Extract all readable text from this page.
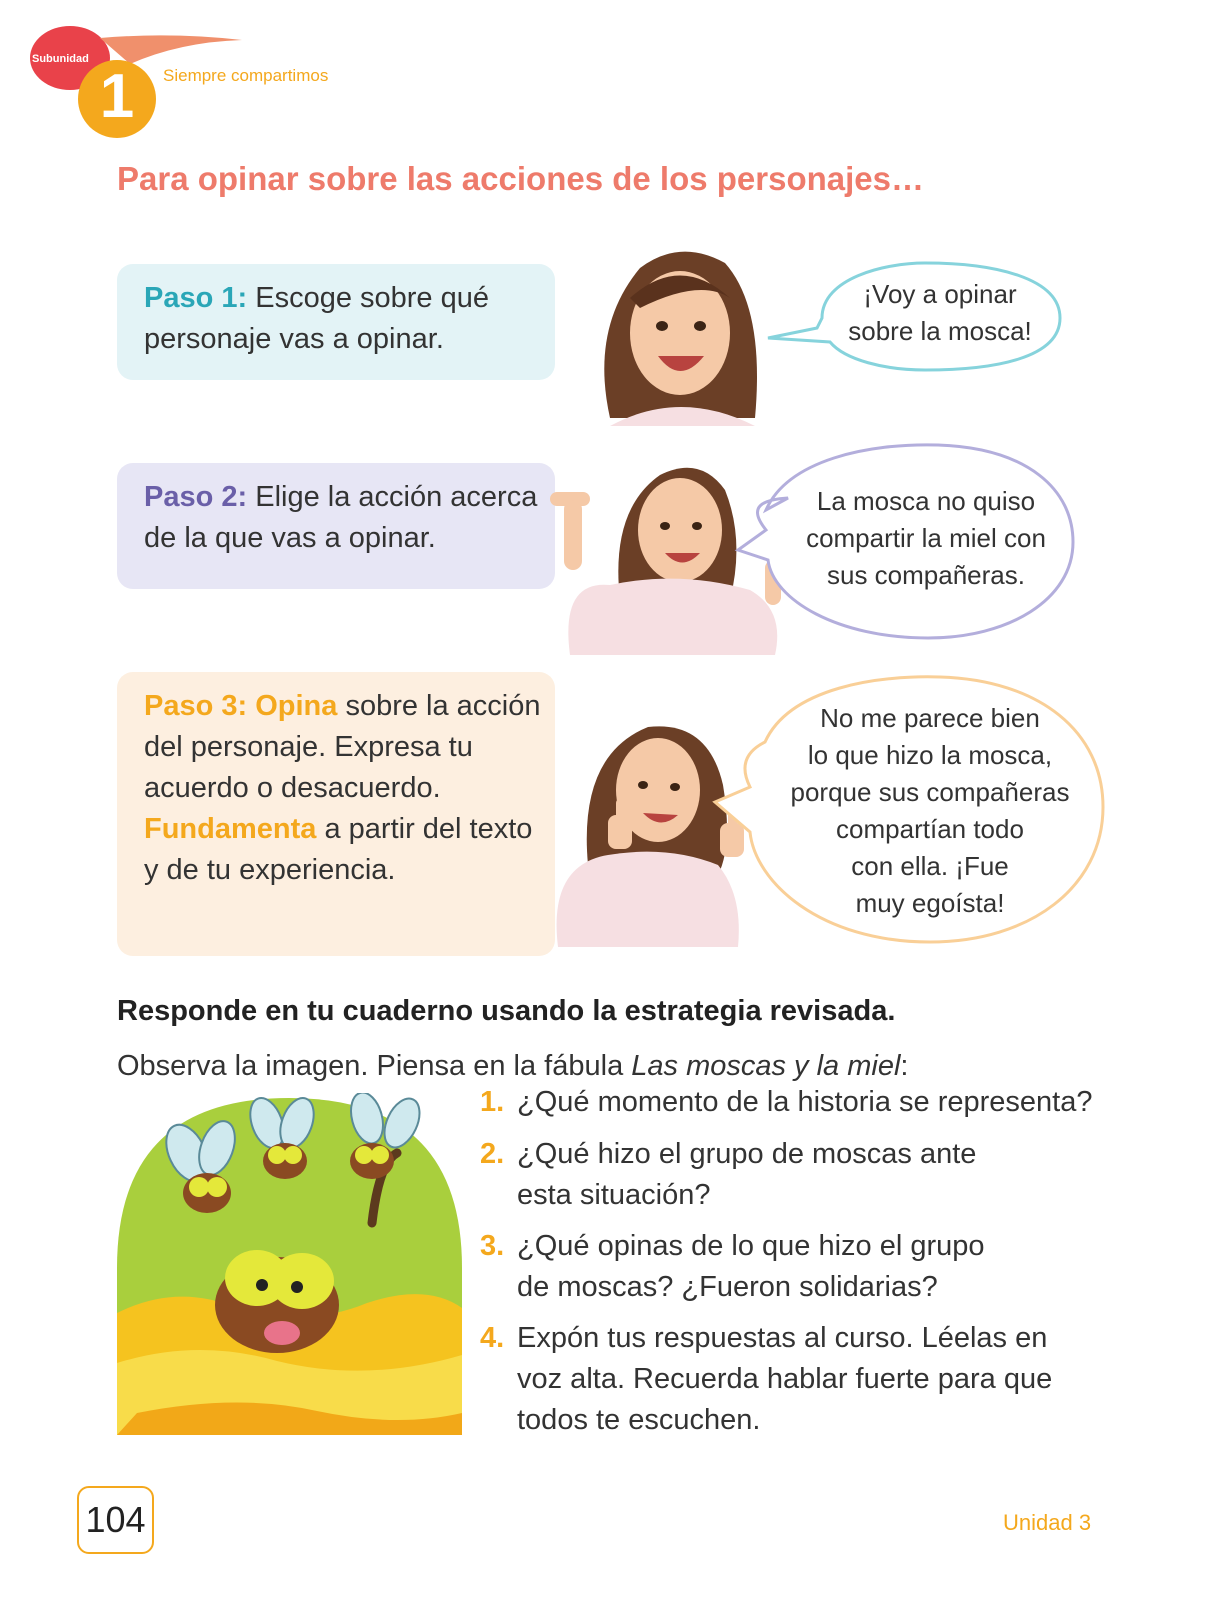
Subunidad
1	Siempre compartimos
Para opinar sobre las acciones de los personajes…
Paso 1: Escoge sobre qué personaje vas a opinar.
Paso 2: Elige la acción acerca de la que vas a opinar.
Paso 3: Opina sobre la acción del personaje. Expresa tu acuerdo o desacuerdo. Fundamenta a partir del texto y de tu experiencia.
¡Voy a opinar
sobre la mosca!
La mosca no quiso
compartir la miel con
sus compañeras.
No me parece bien
lo que hizo la mosca,
porque sus compañeras
compartían todo
con ella. ¡Fue
muy egoísta!
Responde en tu cuaderno usando la estrategia revisada.
Observa la imagen. Piensa en la fábula Las moscas y la miel:
1. ¿Qué momento de la historia se representa?
2. ¿Qué hizo el grupo de moscas ante esta situación?
3. ¿Qué opinas de lo que hizo el grupo de moscas? ¿Fueron solidarias?
4. Expón tus respuestas al curso. Léelas en voz alta. Recuerda hablar fuerte para que todos te escuchen.
104	Unidad 3
